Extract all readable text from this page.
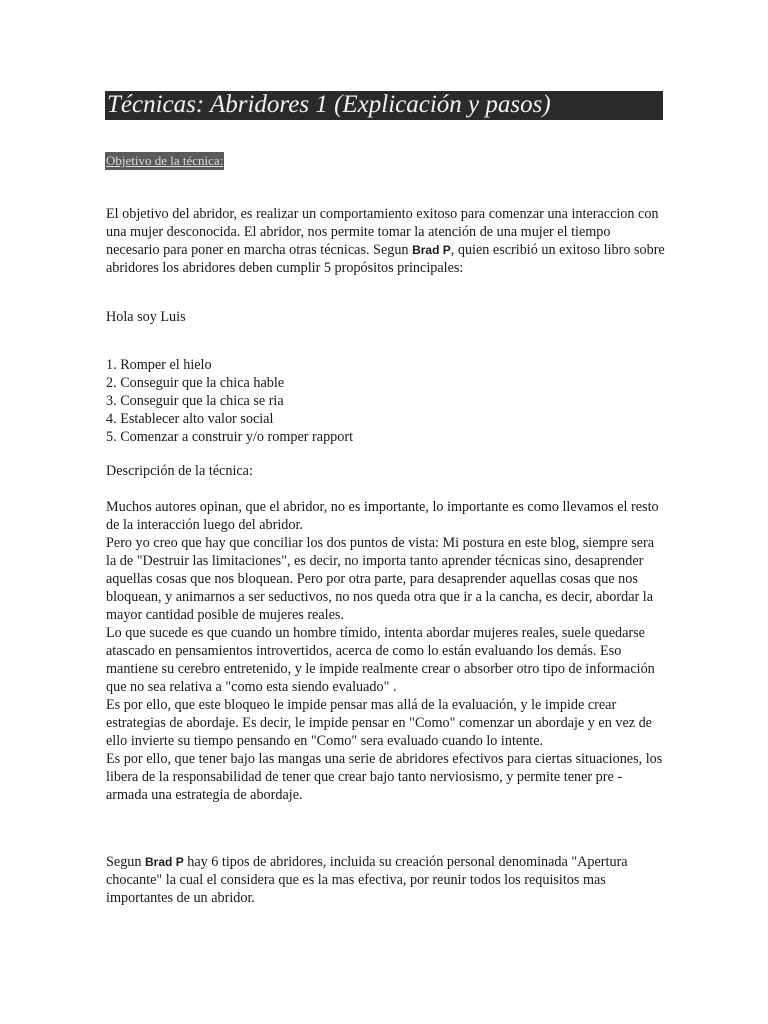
Técnicas: Abridores 1 (Explicación y pasos)
Objetivo de la técnica:
El objetivo del abridor, es realizar un comportamiento exitoso para comenzar una interaccion con una mujer desconocida. El abridor, nos permite tomar la atención de una mujer el tiempo necesario para poner en marcha otras técnicas. Segun Brad P, quien escribió un exitoso libro sobre abridores los abridores deben cumplir 5 propósitos principales:
Hola soy Luis
1. Romper el hielo
2. Conseguir que la chica hable
3. Conseguir que la chica se ria
4. Establecer alto valor social
5. Comenzar a construir y/o romper rapport
Descripción de la técnica:

Muchos autores opinan, que el abridor, no es importante, lo importante es como llevamos el resto de la interacción luego del abridor.

Pero yo creo que hay que conciliar los dos puntos de vista: Mi postura en este blog, siempre sera la de "Destruir las limitaciones", es decir, no importa tanto aprender técnicas sino, desaprender aquellas cosas que nos bloquean. Pero por otra parte, para desaprender aquellas cosas que nos bloquean, y animarnos a ser seductivos, no nos queda otra que ir a la cancha, es decir, abordar la mayor cantidad posible de mujeres reales.

Lo que sucede es que cuando un hombre tímido, intenta abordar mujeres reales, suele quedarse atascado en pensamientos introvertidos, acerca de como lo están evaluando los demás. Eso mantiene su cerebro entretenido, y le impide realmente crear o absorber otro tipo de información que no sea relativa a "como esta siendo evaluado" .

Es por ello, que este bloqueo le impide pensar mas allá de la evaluación, y le impide crear estrategias de abordaje. Es decir, le impide pensar en "Como" comenzar un abordaje y en vez de ello invierte su tiempo pensando en "Como" sera evaluado cuando lo intente.

Es por ello, que tener bajo las mangas una serie de abridores efectivos para ciertas situaciones, los libera de la responsabilidad de tener que crear bajo tanto nerviosismo, y permite tener pre - armada una estrategia de abordaje.

Segun Brad P hay 6 tipos de abridores, incluida su creación personal denominada "Apertura chocante" la cual el considera que es la mas efectiva, por reunir todos los requisitos mas importantes de un abridor.
